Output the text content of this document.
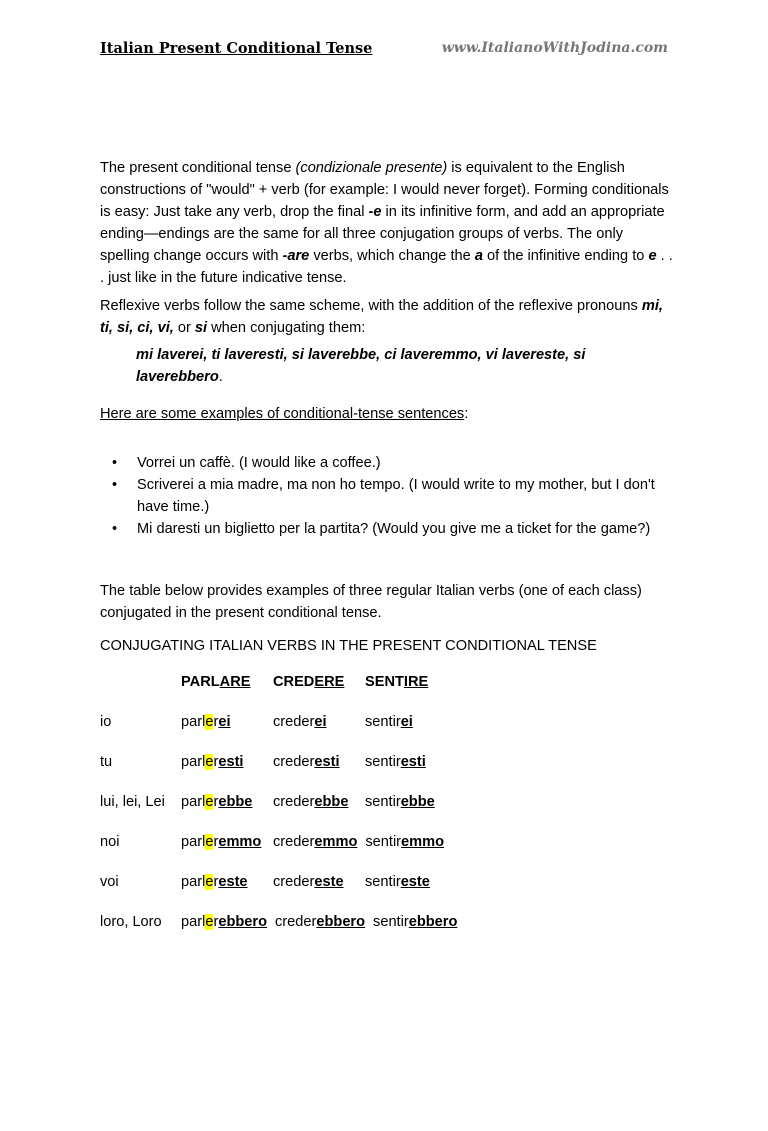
Italian Present Conditional Tense	www.ItalianoWithJodina.com
The present conditional tense (condizionale presente) is equivalent to the English constructions of "would" + verb (for example: I would never forget). Forming conditionals is easy: Just take any verb, drop the final -e in its infinitive form, and add an appropriate ending—endings are the same for all three conjugation groups of verbs. The only spelling change occurs with -are verbs, which change the a of the infinitive ending to e . . . just like in the future indicative tense.
Reflexive verbs follow the same scheme, with the addition of the reflexive pronouns mi, ti, si, ci, vi, or si when conjugating them:
mi laverei, ti laveresti, si laverebbe, ci laveremmo, vi lavereste, si laverebbero.
Here are some examples of conditional-tense sentences:
• Vorrei un caffè. (I would like a coffee.)
• Scriverei a mia madre, ma non ho tempo. (I would write to my mother, but I don't have time.)
• Mi daresti un biglietto per la partita? (Would you give me a ticket for the game?)
The table below provides examples of three regular Italian verbs (one of each class) conjugated in the present conditional tense.
CONJUGATING ITALIAN VERBS IN THE PRESENT CONDITIONAL TENSE
PARLARE	CREDERE	SENTIRE
io	parlerei	crederei	sentirei
tu	parleresti	crederesti	sentiresti
lui, lei, Lei	parlerebbe	crederebbe	sentirebbe
noi	parleremmo crederemmo sentiremmo
voi	parlereste	credereste	sentireste
loro, Loro	parlerebbero crederebbero sentirebbero
